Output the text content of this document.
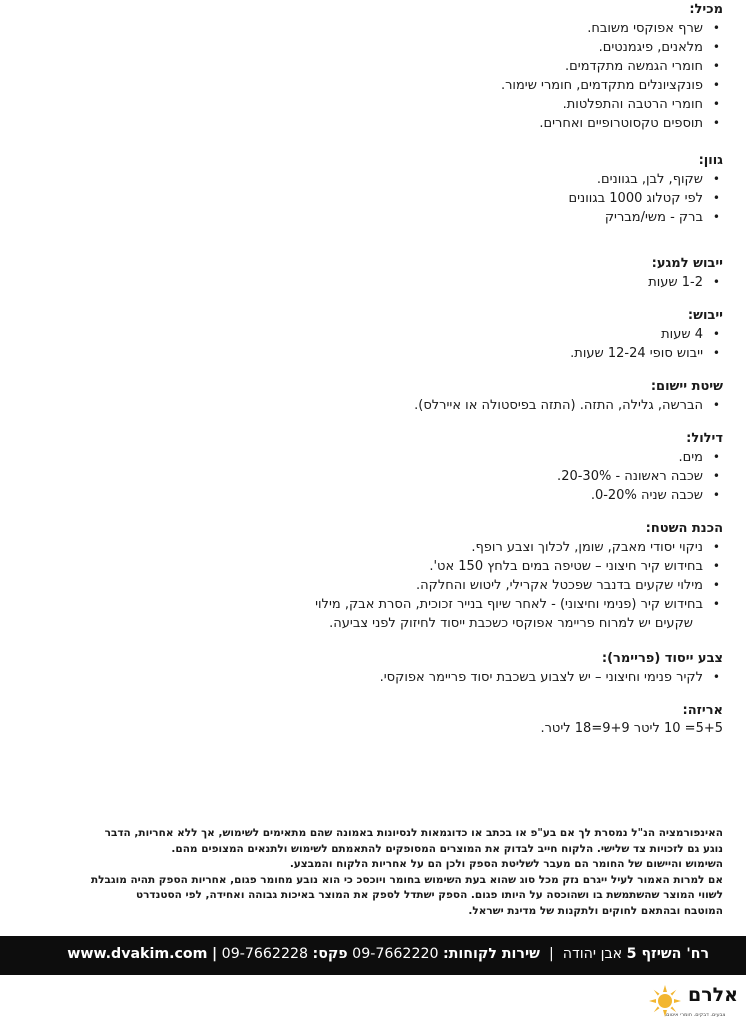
מכיל:
• שרף אפוקסי משובח.
• מלאנים, פיגמנטים.
• חומרי הגמשה מתקדמים.
• פונקציונלים מתקדמים, חומרי שימור.
• חומרי הרטבה והתפלטות.
• תוספים טקסוטרופיים ואחרים.
גוון:
• שקוף, לבן, בגוונים.
• לפי קטלוג 1000 בגוונים
• ברק - משי/מבריק
ייבוש למגע:
• 1-2 שעות
ייבוש:
• 4 שעות
• ייבוש סופי 12-24 שעות.
שיטת יישום:
• הברשה, גלילה, התזה. (התזה בפיסטולה או איירלס).
דילול:
• מים.
• שכבה ראשונה - 20-30%.
• שכבה שניה 0-20%.
הכנת השטח:
• ניקוי יסודי מאבק, שומן, לכלוך וצבע רופף.
• בחידוש קיר חיצוני – שטיפה במים בלחץ 150 אט'.
• מילוי שקעים בדנבר שפכטל אקרילי, ליטוש והחלקה.
• בחידוש קיר (פנימי וחיצוני) - לאחר שיוף בנייר זכוכית, הסרת אבק, מילוי
שקעים יש למרוח פריימר אפוקסי כשכבת ייסוד לחיזוק לפני צביעה.
צבע ייסוד (פריימר):
• לקיר פנימי וחיצוני – יש לצבוע בשכבת יסוד פריימר אפוקסי.
אריזה:
5+5= 10 ליטר 9+9=18 ליטר.
האינפורמציה הנ"ל נמסרת לך אם בע"פ או בכתב או כדוגמאות לנסיונות באמונה שהם מתאימים לשימוש, אך ללא אחריות, הדבר
נוגע גם לזכויות צד שלישי. הלקוח חייב לבדוק את המוצרים המסופקים להתאמתם לשימוש ולתנאים המצופים מהם.
השימוש והיישום של החומר הם מעבר לשליטת הספק ולכן הם על אחריות הלקוח והמבצע.
אם למרות האמור לעיל ייגרם נזק מכל סוג שהוא בעת השימוש בחומר ויוכסכ כי הוא נובע מחומר פגום, אחריות הספק תהיה מוגבלת
לשווי המוצר שהשתמשת בו ושהוכסה על היותו פגום. הספק ישתדל לספק את המוצר באיכות גבוהה ואחידה, לפי הסטנדרט
המוטבח ובהתאם לחוקים ולתקנות של מדינת ישראל.
רח' השיזף 5 אבן יהודה  |  שירות לקוחות: 09-7662220 פקס: 09-7662228 | www.dvakim.com
אלרם
צבעים. דבקים. חומרי איטום.
